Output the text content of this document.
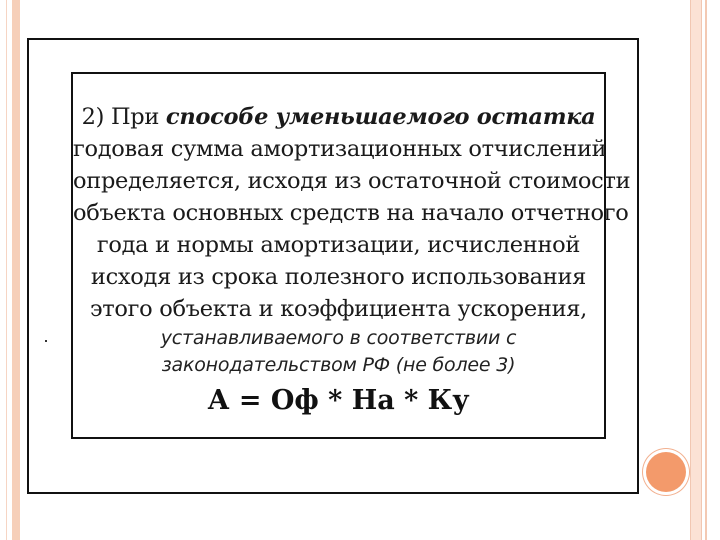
2) При способе уменьшаемого остатка
годовая сумма амортизационных отчислений
определяется, исходя из остаточной стоимости
объекта основных средств на начало отчетного
года и нормы амортизации, исчисленной
исходя из срока полезного использования
этого объекта и коэффициента ускорения,
устанавливаемого в соответствии с
законодательством РФ (не более 3)
А = Оф * На * Ку
